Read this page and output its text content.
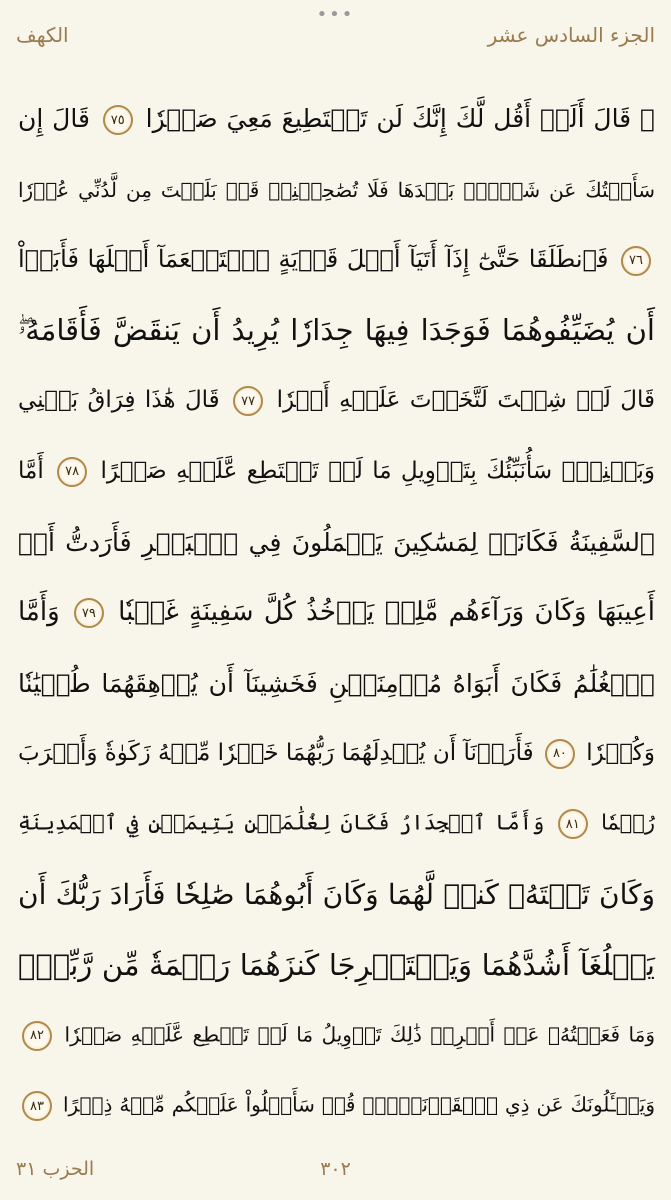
•••
الكهف	الجزء السادس عشر
۞ قَالَ أَلَمۡ أَقُل لَّكَ إِنَّكَ لَن تَسۡتَطِيعَ مَعِيَ صَبۡرٗا ٧٥ قَالَ إِن
سَأَلۡتُكَ عَن شَيۡءِۭ بَعۡدَهَا فَلَا تُصَٰحِبۡنِيۖ قَدۡ بَلَغۡتَ مِن لَّدُنِّي عُذۡرٗا
٧٦ فَٱنطَلَقَا حَتَّىٰٓ إِذَآ أَتَيَآ أَهۡلَ قَرۡيَةٍ ٱسۡتَطۡعَمَآ أَهۡلَهَا فَأَبَوۡاْ
أَن يُضَيِّفُوهُمَا فَوَجَدَا فِيهَا جِدَارٗا يُرِيدُ أَن يَنقَضَّ فَأَقَامَهُۥۖ
قَالَ لَوۡ شِئۡتَ لَتَّخَذۡتَ عَلَيۡهِ أَجۡرٗا ٧٧ قَالَ هَٰذَا فِرَاقُ بَيۡنِي
وَبَيۡنِكَۚ سَأُنَبِّئُكَ بِتَأۡوِيلِ مَا لَمۡ تَسۡتَطِع عَّلَيۡهِ صَبۡرًا ٧٨ أَمَّا
ٱلسَّفِينَةُ فَكَانَتۡ لِمَسَٰكِينَ يَعۡمَلُونَ فِي ٱلۡبَحۡرِ فَأَرَدتُّ أَنۡ
أَعِيبَهَا وَكَانَ وَرَآءَهُم مَّلِكٞ يَأۡخُذُ كُلَّ سَفِينَةٍ غَصۡبٗا ٧٩ وَأَمَّا
ٱلۡغُلَٰمُ فَكَانَ أَبَوَاهُ مُؤۡمِنَيۡنِ فَخَشِينَآ أَن يُرۡهِقَهُمَا طُغۡيَٰنٗا
وَكُفۡرٗا ٨٠ فَأَرَدۡنَآ أَن يُبۡدِلَهُمَا رَبُّهُمَا خَيۡرٗا مِّنۡهُ زَكَوٰةٗ وَأَقۡرَبَ
رُحۡمٗا ٨١ وَأَمَّا ٱلۡجِدَارُ فَكَانَ لِغُلَٰمَيۡنِ يَتِيمَيۡنِ فِي ٱلۡمَدِينَةِ
وَكَانَ تَحۡتَهُۥ كَنزٞ لَّهُمَا وَكَانَ أَبُوهُمَا صَٰلِحٗا فَأَرَادَ رَبُّكَ أَن
يَبۡلُغَآ أَشُدَّهُمَا وَيَسۡتَخۡرِجَا كَنزَهُمَا رَحۡمَةٗ مِّن رَّبِّكَۚ
وَمَا فَعَلۡتُهُۥ عَنۡ أَمۡرِيۚ ذَٰلِكَ تَأۡوِيلُ مَا لَمۡ تَسۡطِع عَّلَيۡهِ صَبۡرٗا ٨٢
وَيَسۡـَٔلُونَكَ عَن ذِي ٱلۡقَرۡنَيۡنِۖ قُلۡ سَأَتۡلُواْ عَلَيۡكُم مِّنۡهُ ذِكۡرًا ٨٣
الحزب ٣١	٣٠٢
